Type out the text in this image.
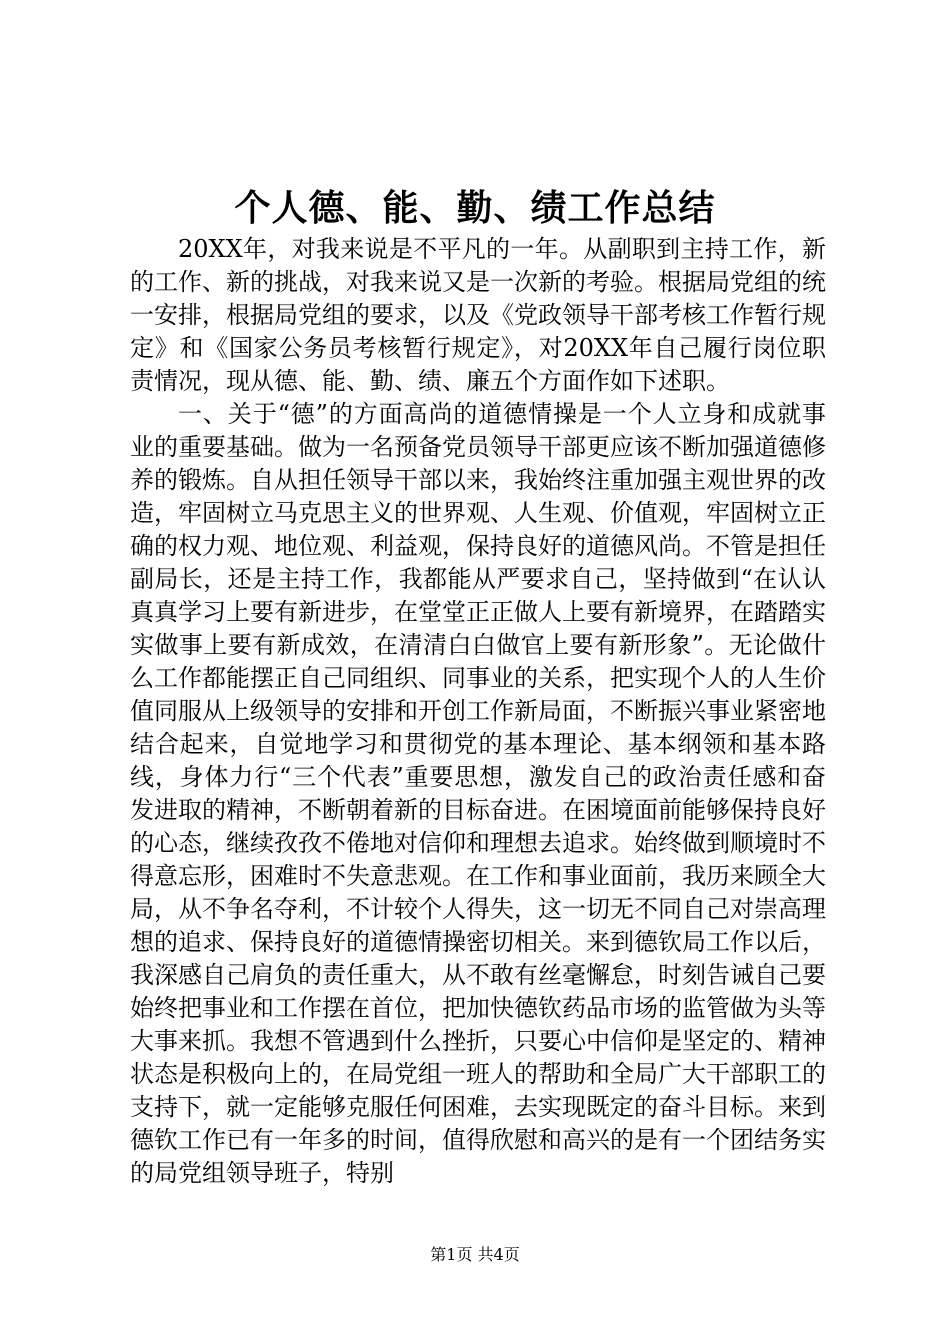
个人德、能、勤、绩工作总结

20XX年，对我来说是不平凡的一年。从副职到主持工作，新的工作、新的挑战，对我来说又是一次新的考验。根据局党组的统一安排，根据局党组的要求，以及《党政领导干部考核工作暂行规定》和《国家公务员考核暂行规定》，对20XX年自己履行岗位职责情况，现从德、能、勤、绩、廉五个方面作如下述职。

一、关于“德”的方面高尚的道德情操是一个人立身和成就事业的重要基础。做为一名预备党员领导干部更应该不断加强道德修养的锻炼。自从担任领导干部以来，我始终注重加强主观世界的改造，牢固树立马克思主义的世界观、人生观、价值观，牢固树立正确的权力观、地位观、利益观，保持良好的道德风尚。不管是担任副局长，还是主持工作，我都能从严要求自己，坚持做到“在认认真真学习上要有新进步，在堂堂正正做人上要有新境界，在踏踏实实做事上要有新成效，在清清白白做官上要有新形象”。无论做什么工作都能摆正自己同组织、同事业的关系，把实现个人的人生价值同服从上级领导的安排和开创工作新局面，不断振兴事业紧密地结合起来，自觉地学习和贯彻党的基本理论、基本纲领和基本路线，身体力行“三个代表”重要思想，激发自己的政治责任感和奋发进取的精神，不断朝着新的目标奋进。在困境面前能够保持良好的心态，继续孜孜不倦地对信仰和理想去追求。始终做到顺境时不得意忘形，困难时不失意悲观。在工作和事业面前，我历来顾全大局，从不争名夺利，不计较个人得失，这一切无不同自己对崇高理想的追求、保持良好的道德情操密切相关。来到德钦局工作以后，我深感自己肩负的责任重大，从不敢有丝毫懈怠，时刻告诫自己要始终把事业和工作摆在首位，把加快德钦药品市场的监管做为头等大事来抓。我想不管遇到什么挫折，只要心中信仰是坚定的、精神状态是积极向上的，在局党组一班人的帮助和全局广大干部职工的支持下，就一定能够克服任何困难，去实现既定的奋斗目标。来到德钦工作已有一年多的时间，值得欣慰和高兴的是有一个团结务实的局党组领导班子，特别

第1页 共4页
